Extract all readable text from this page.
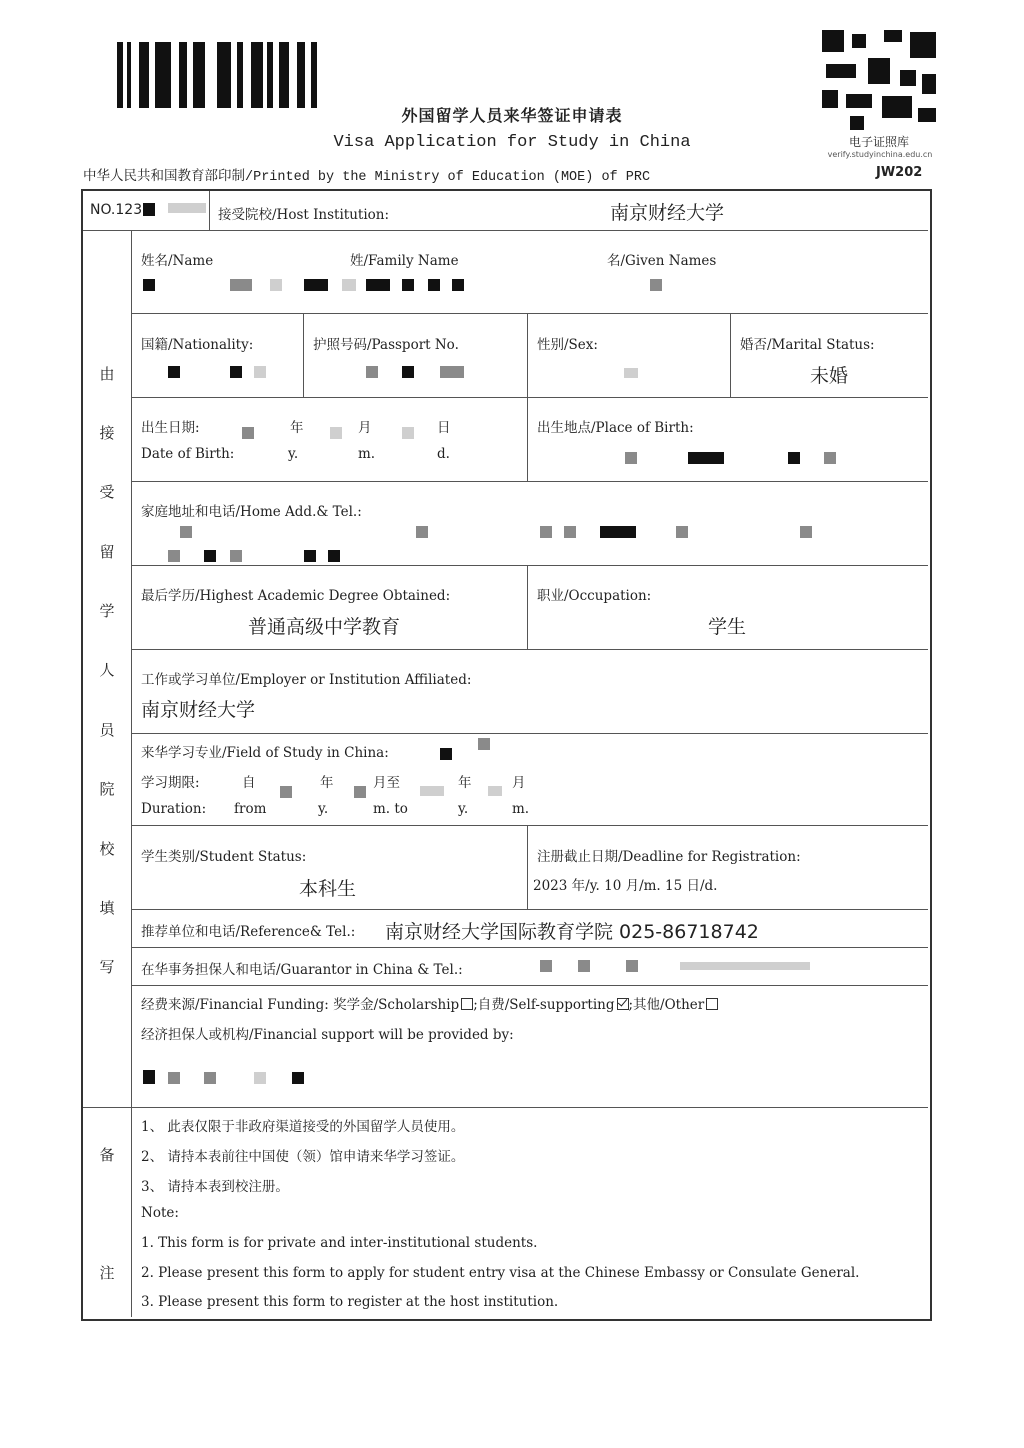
外国留学人员来华签证申请表
Visa Application for Study in China
中华人民共和国教育部印制/Printed by the Ministry of Education (MOE) of PRC
电子证照库
verify.studyinchina.edu.cn
JW202
NO.123	接受院校/Host Institution:	南京财经大学
由
接
受
留
学
人
员
院
校
填
写
姓名/Name	姓/Family Name	名/Given Names
国籍/Nationality:	护照号码/Passport No.	性别/Sex:	婚否/Marital Status:
未婚
出生日期:	年	月	日
Date of Birth:	y.	m.	d.
出生地点/Place of Birth:
家庭地址和电话/Home Add.& Tel.:
最后学历/Highest Academic Degree Obtained:
普通高级中学教育
职业/Occupation:
学生
工作或学习单位/Employer or Institution Affiliated:
南京财经大学
来华学习专业/Field of Study in China:
学习期限:	自	年	月至	年	月
Duration: from	y.	m. to	y.	m.
学生类别/Student Status:
本科生
注册截止日期/Deadline for Registration:
2023 年/y. 10 月/m. 15 日/d.
推荐单位和电话/Reference& Tel.: 南京财经大学国际教育学院 025-86718742
在华事务担保人和电话/Guarantor in China & Tel.:
经费来源/Financial Funding: 奖学金/Scholarship ;自费/Self-supporting ;其他/Other
经济担保人或机构/Financial support will be provided by:
备
注
1、 此表仅限于非政府渠道接受的外国留学人员使用。
2、 请持本表前往中国使（领）馆申请来华学习签证。
3、 请持本表到校注册。
Note:
1. This form is for private and inter-institutional students.
2. Please present this form to apply for student entry visa at the Chinese Embassy or Consulate General.
3. Please present this form to register at the host institution.
